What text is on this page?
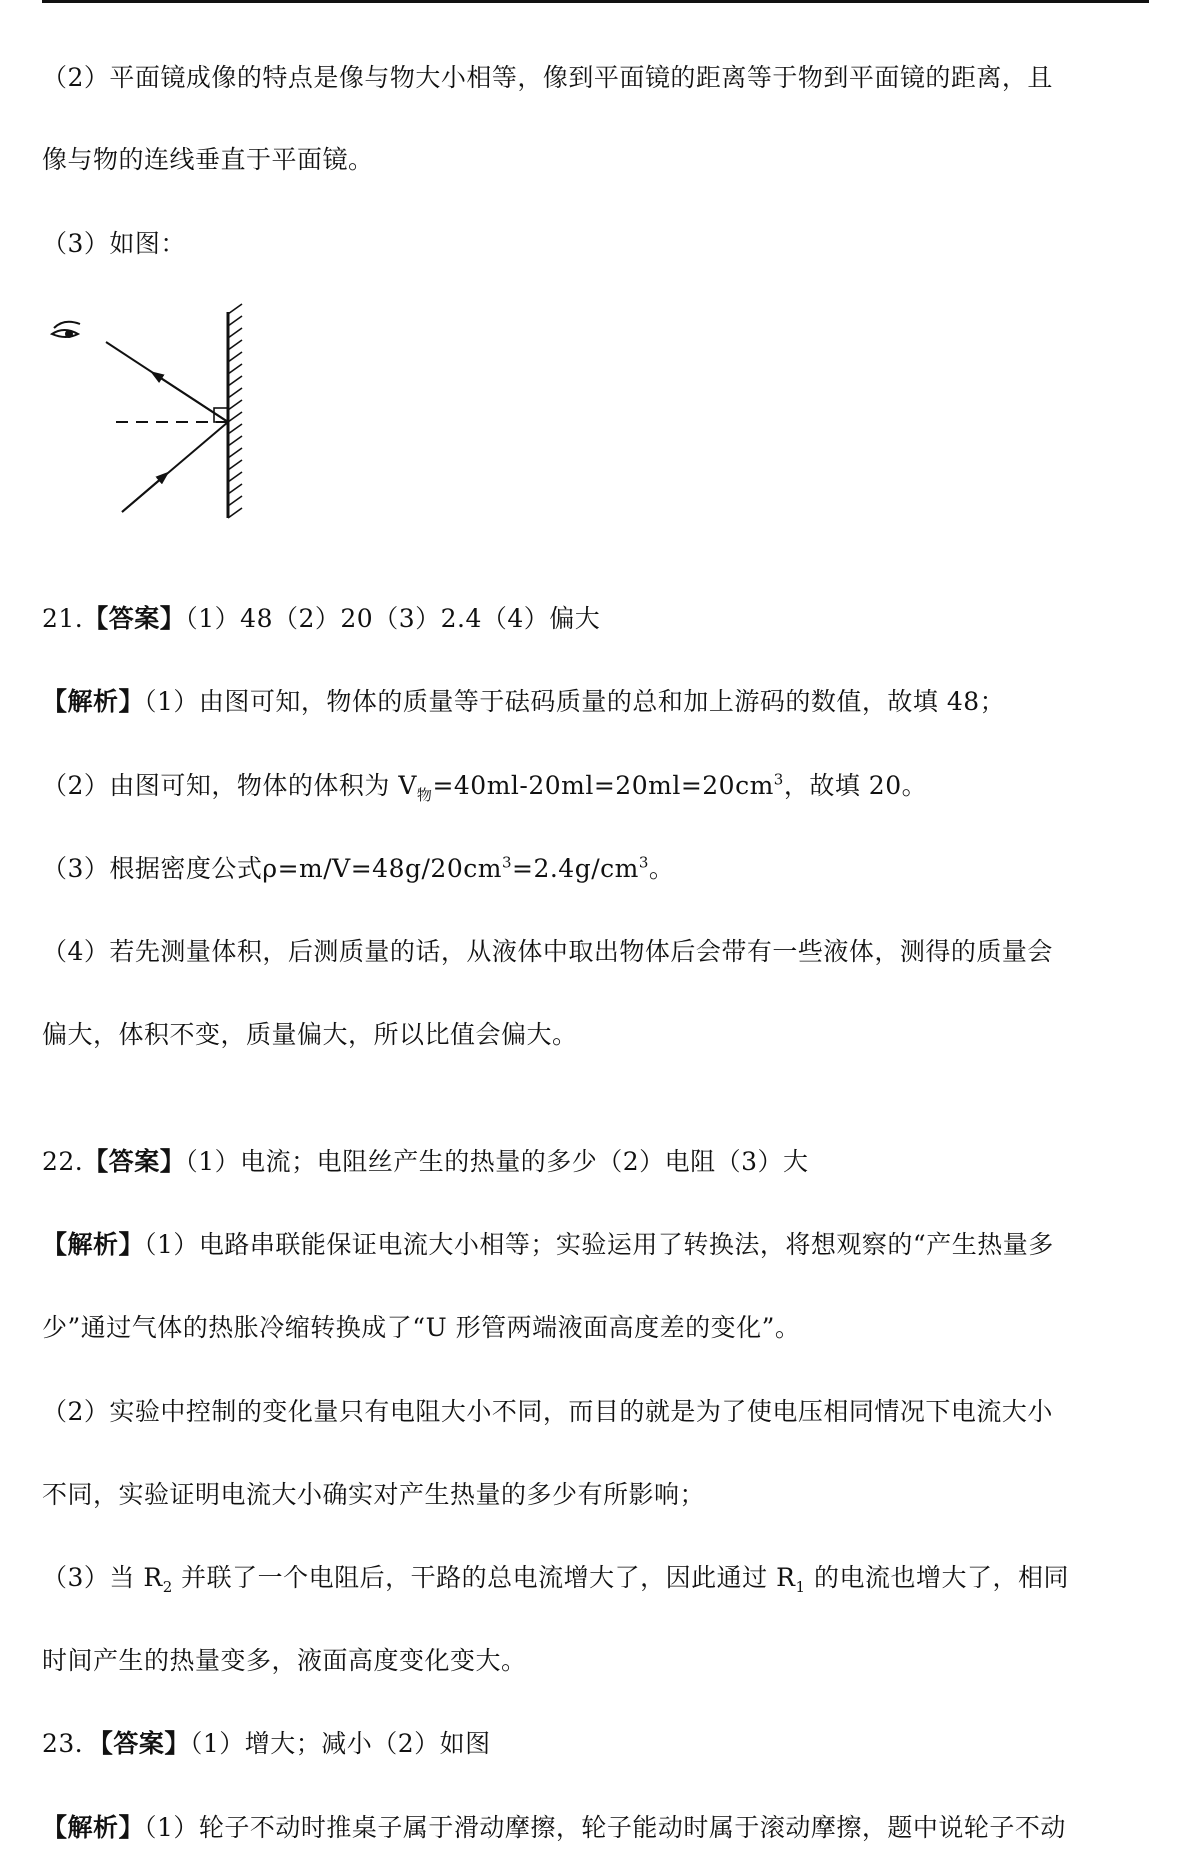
（2）平面镜成像的特点是像与物大小相等，像到平面镜的距离等于物到平面镜的距离，且
像与物的连线垂直于平面镜。
（3）如图：
21.【答案】（1）48（2）20（3）2.4（4）偏大
【解析】（1）由图可知，物体的质量等于砝码质量的总和加上游码的数值，故填 48；
（2）由图可知，物体的体积为 $V_物=40ml-20ml=20ml=20cm^3$，故填 20。
（3）根据密度公式$\rho=m/V=48g/20cm^3=2.4g/cm^3$。
（4）若先测量体积，后测质量的话，从液体中取出物体后会带有一些液体，测得的质量会
偏大，体积不变，质量偏大，所以比值会偏大。
22.【答案】（1）电流；电阻丝产生的热量的多少（2）电阻（3）大
【解析】（1）电路串联能保证电流大小相等；实验运用了转换法，将想观察的“产生热量多
少”通过气体的热胀冷缩转换成了“U 形管两端液面高度差的变化”。
（2）实验中控制的变化量只有电阻大小不同，而目的就是为了使电压相同情况下电流大小
不同，实验证明电流大小确实对产生热量的多少有所影响；
（3）当 $R_2$ 并联了一个电阻后，干路的总电流增大了，因此通过 $R_1$ 的电流也增大了，相同
时间产生的热量变多，液面高度变化变大。
23．【答案】（1）增大；减小（2）如图
【解析】（1）轮子不动时推桌子属于滑动摩擦，轮子能动时属于滚动摩擦，题中说轮子不动
